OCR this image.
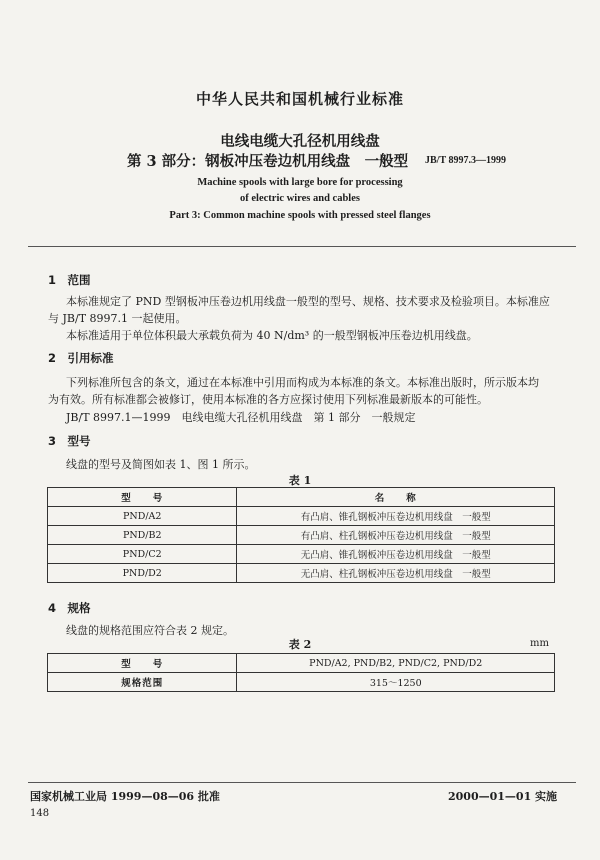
中华人民共和国机械行业标准
电线电缆大孔径机用线盘
第 3 部分：钢板冲压卷边机用线盘　一般型 JB/T 8997.3—1999
Machine spools with large bore for processing
of electric wires and cables
Part 3: Common machine spools with pressed steel flanges
1　范围
本标准规定了 PND 型钢板冲压卷边机用线盘一般型的型号、规格、技术要求及检验项目。本标准应
与 JB/T 8997.1 一起使用。
本标准适用于单位体积最大承载负荷为 40 N/dm³ 的一般型钢板冲压卷边机用线盘。
2　引用标准
下列标准所包含的条文，通过在本标准中引用而构成为本标准的条文。本标准出版时，所示版本均
为有效。所有标准都会被修订，使用本标准的各方应探讨使用下列标准最新版本的可能性。
JB/T 8997.1—1999　电线电缆大孔径机用线盘　第 1 部分　一般规定
3　型号
线盘的型号及简图如表 1、图 1 所示。
表 1
型　　号	名　　称
PND/A2	有凸肩、锥孔钢板冲压卷边机用线盘　一般型
PND/B2	有凸肩、柱孔钢板冲压卷边机用线盘　一般型
PND/C2	无凸肩、锥孔钢板冲压卷边机用线盘　一般型
PND/D2	无凸肩、柱孔钢板冲压卷边机用线盘　一般型
4　规格
线盘的规格范围应符合表 2 规定。
表 2	mm
型　　号	PND/A2, PND/B2, PND/C2, PND/D2
规格范围	315～1250
国家机械工业局 1999—08—06 批准	2000—01—01 实施
148
